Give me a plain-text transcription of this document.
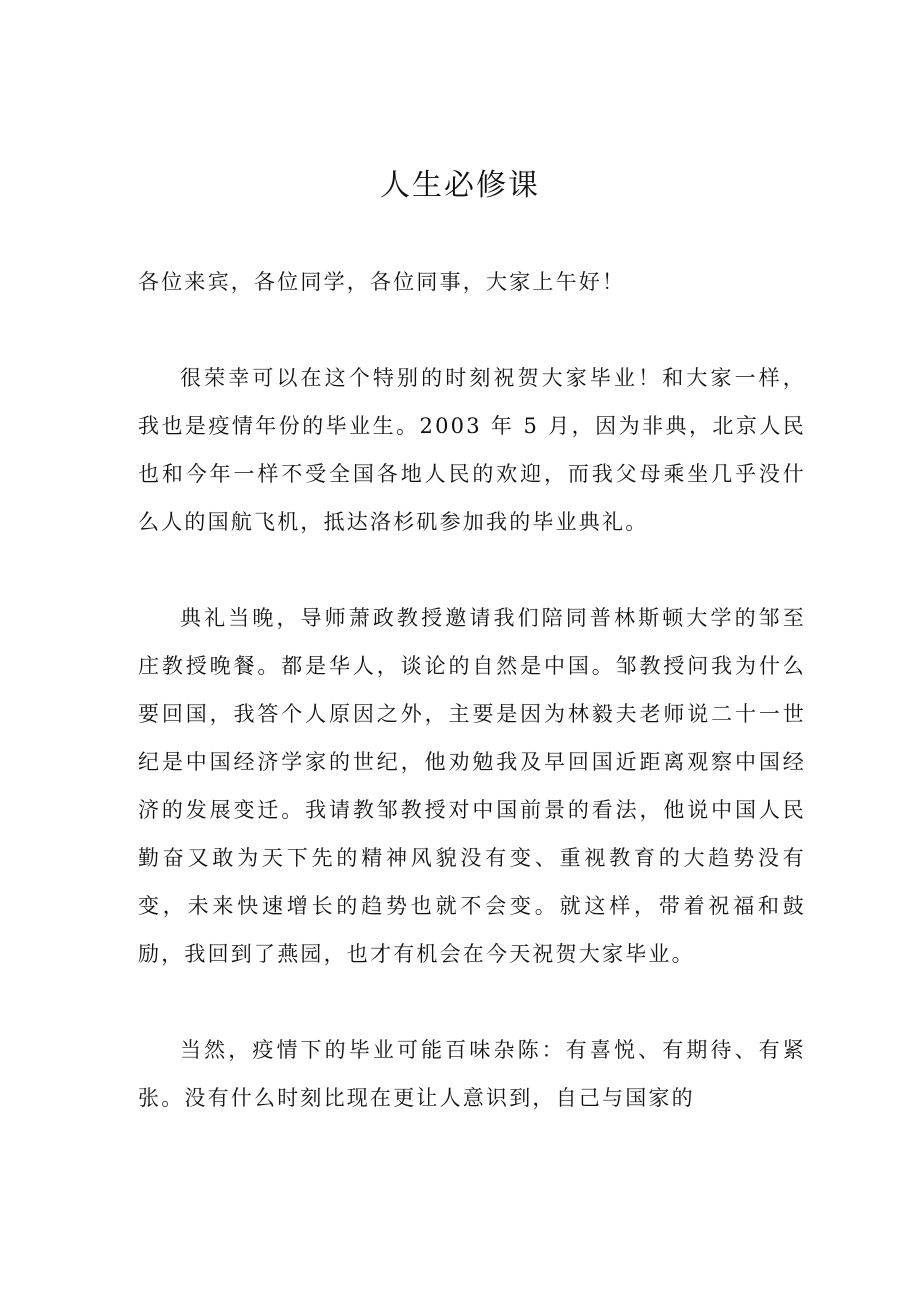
人生必修课

各位来宾，各位同学，各位同事，大家上午好！

很荣幸可以在这个特别的时刻祝贺大家毕业！和大家一样，我也是疫情年份的毕业生。2003 年 5 月，因为非典，北京人民也和今年一样不受全国各地人民的欢迎，而我父母乘坐几乎没什么人的国航飞机，抵达洛杉矶参加我的毕业典礼。

典礼当晚，导师萧政教授邀请我们陪同普林斯顿大学的邹至庄教授晚餐。都是华人，谈论的自然是中国。邹教授问我为什么要回国，我答个人原因之外，主要是因为林毅夫老师说二十一世纪是中国经济学家的世纪，他劝勉我及早回国近距离观察中国经济的发展变迁。我请教邹教授对中国前景的看法，他说中国人民勤奋又敢为天下先的精神风貌没有变、重视教育的大趋势没有变，未来快速增长的趋势也就不会变。就这样，带着祝福和鼓励，我回到了燕园，也才有机会在今天祝贺大家毕业。

当然，疫情下的毕业可能百味杂陈：有喜悦、有期待、有紧张。没有什么时刻比现在更让人意识到，自己与国家的
